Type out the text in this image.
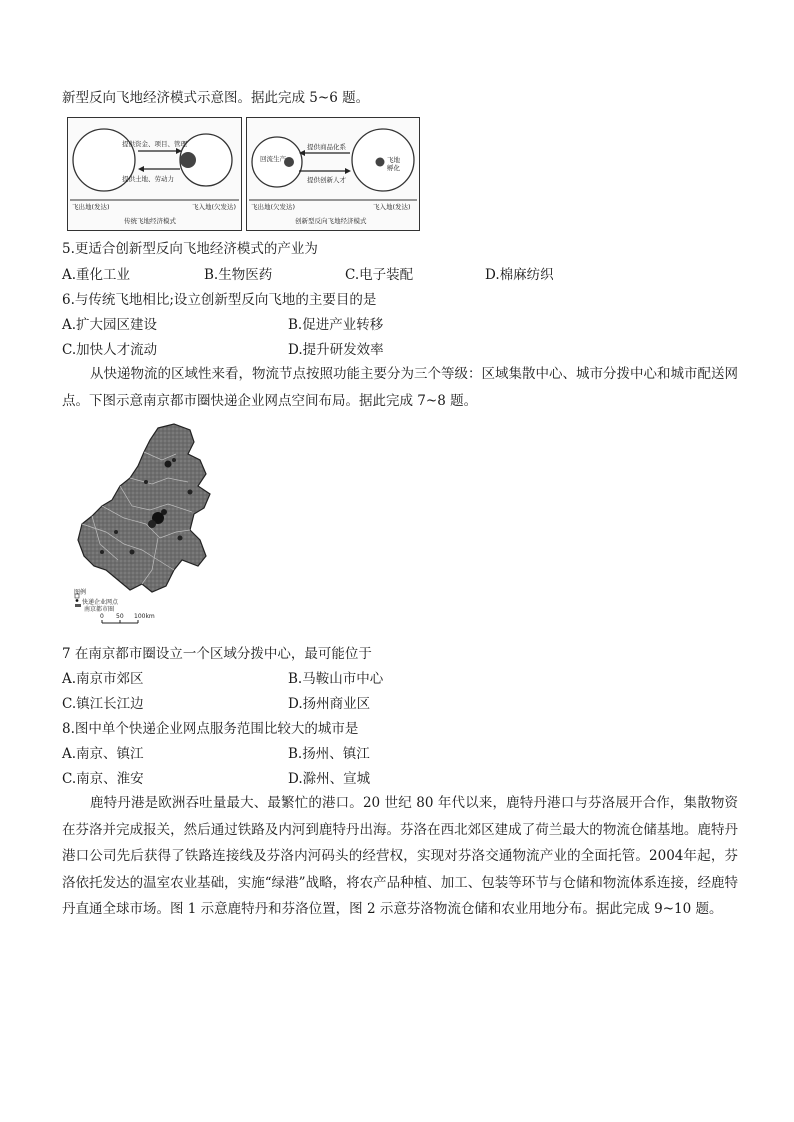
新型反向飞地经济模式示意图。据此完成 5~6 题。
提供资金、项目、管理
提供土地、劳动力
飞出地(发达)	飞入地(欠发达)
传统飞地经济模式
提供商品化系
提供创新人才
回流生产	飞地孵化
飞出地(欠发达)	飞入地(发达)
创新型反向飞地经济模式
5.更适合创新型反向飞地经济模式的产业为
A.重化工业	B.生物医药	C.电子装配	D.棉麻纺织
6.与传统飞地相比;设立创新型反向飞地的主要目的是
A.扩大园区建设	B.促进产业转移
C.加快人才流动	D.提升研发效率
从快递物流的区域性来看，物流节点按照功能主要分为三个等级：区域集散中心、城市分拨中心和城市配送网点。下图示意南京都市圈快递企业网点空间布局。据此完成 7~8 题。
图例
快递企业网点
南京都市圈
0 50 100km
7 在南京都市圈设立一个区域分拨中心，最可能位于
A.南京市郊区	B.马鞍山市中心
C.镇江长江边	D.扬州商业区
8.图中单个快递企业网点服务范围比较大的城市是
A.南京、镇江	B.扬州、镇江
C.南京、淮安	D.滁州、宣城
鹿特丹港是欧洲吞吐量最大、最繁忙的港口。20 世纪 80 年代以来，鹿特丹港口与芬洛展开合作，集散物资在芬洛并完成报关，然后通过铁路及内河到鹿特丹出海。芬洛在西北郊区建成了荷兰最大的物流仓储基地。鹿特丹港口公司先后获得了铁路连接线及芬洛内河码头的经营权，实现对芬洛交通物流产业的全面托管。2004年起，芬洛依托发达的温室农业基础，实施“绿港”战略，将农产品种植、加工、包装等环节与仓储和物流体系连接，经鹿特丹直通全球市场。图 1 示意鹿特丹和芬洛位置，图 2 示意芬洛物流仓储和农业用地分布。据此完成 9~10 题。
